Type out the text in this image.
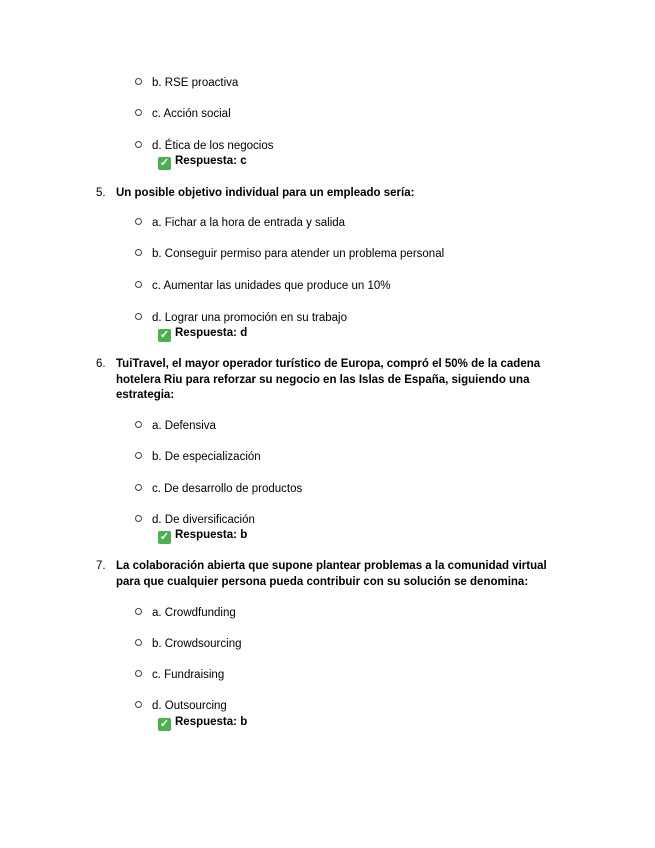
b. RSE proactiva
c. Acción social
d. Ética de los negocios
✓ Respuesta: c
5. Un posible objetivo individual para un empleado sería:
a. Fichar a la hora de entrada y salida
b. Conseguir permiso para atender un problema personal
c. Aumentar las unidades que produce un 10%
d. Lograr una promoción en su trabajo
✓ Respuesta: d
6. TuiTravel, el mayor operador turístico de Europa, compró el 50% de la cadena hotelera Riu para reforzar su negocio en las Islas de España, siguiendo una estrategia:
a. Defensiva
b. De especialización
c. De desarrollo de productos
d. De diversificación
✓ Respuesta: b
7. La colaboración abierta que supone plantear problemas a la comunidad virtual para que cualquier persona pueda contribuir con su solución se denomina:
a. Crowdfunding
b. Crowdsourcing
c. Fundraising
d. Outsourcing
✓ Respuesta: b
